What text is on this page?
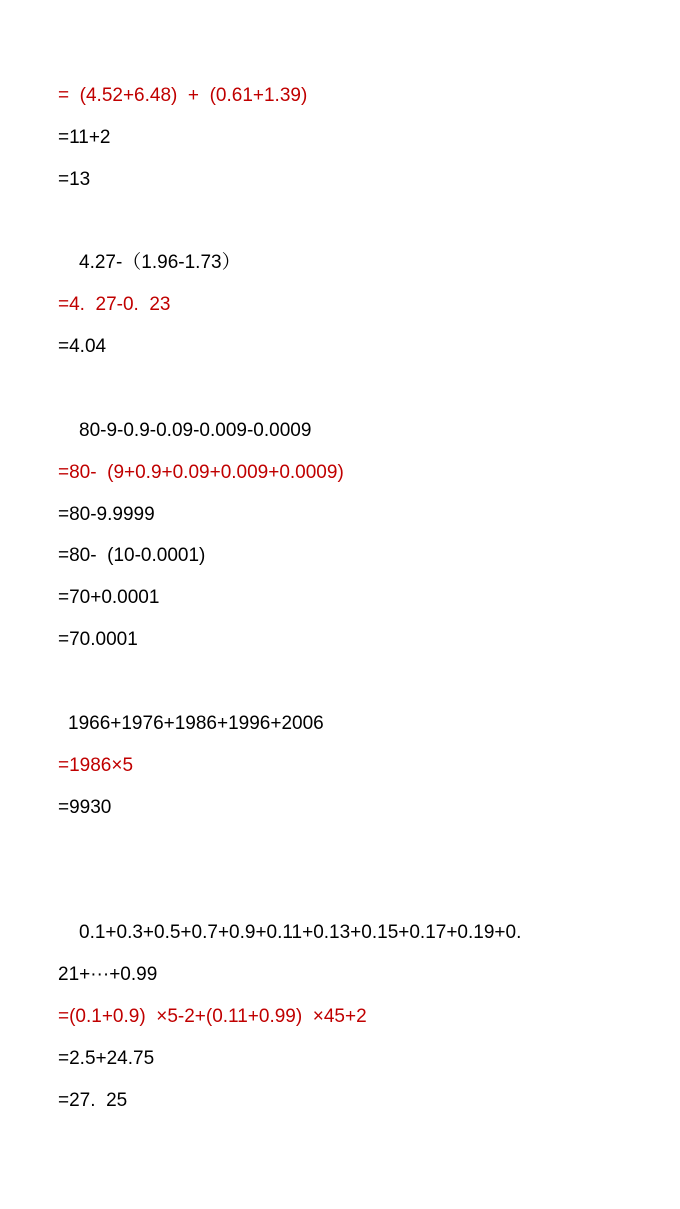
=  (4.52+6.48)  +  (0.61+1.39)
=11+2
=13
4.27-（1.96-1.73）
=4.  27-0.  23
=4.04
80-9-0.9-0.09-0.009-0.0009
=80-  (9+0.9+0.09+0.009+0.0009)
=80-9.9999
=80-  (10-0.0001)
=70+0.0001
=70.0001
1966+1976+1986+1996+2006
=1986×5
=9930
0.1+0.3+0.5+0.7+0.9+0.11+0.13+0.15+0.17+0.19+0.
21+···+0.99
=(0.1+0.9)  ×5-2+(0.11+0.99)  ×45+2
=2.5+24.75
=27.  25
